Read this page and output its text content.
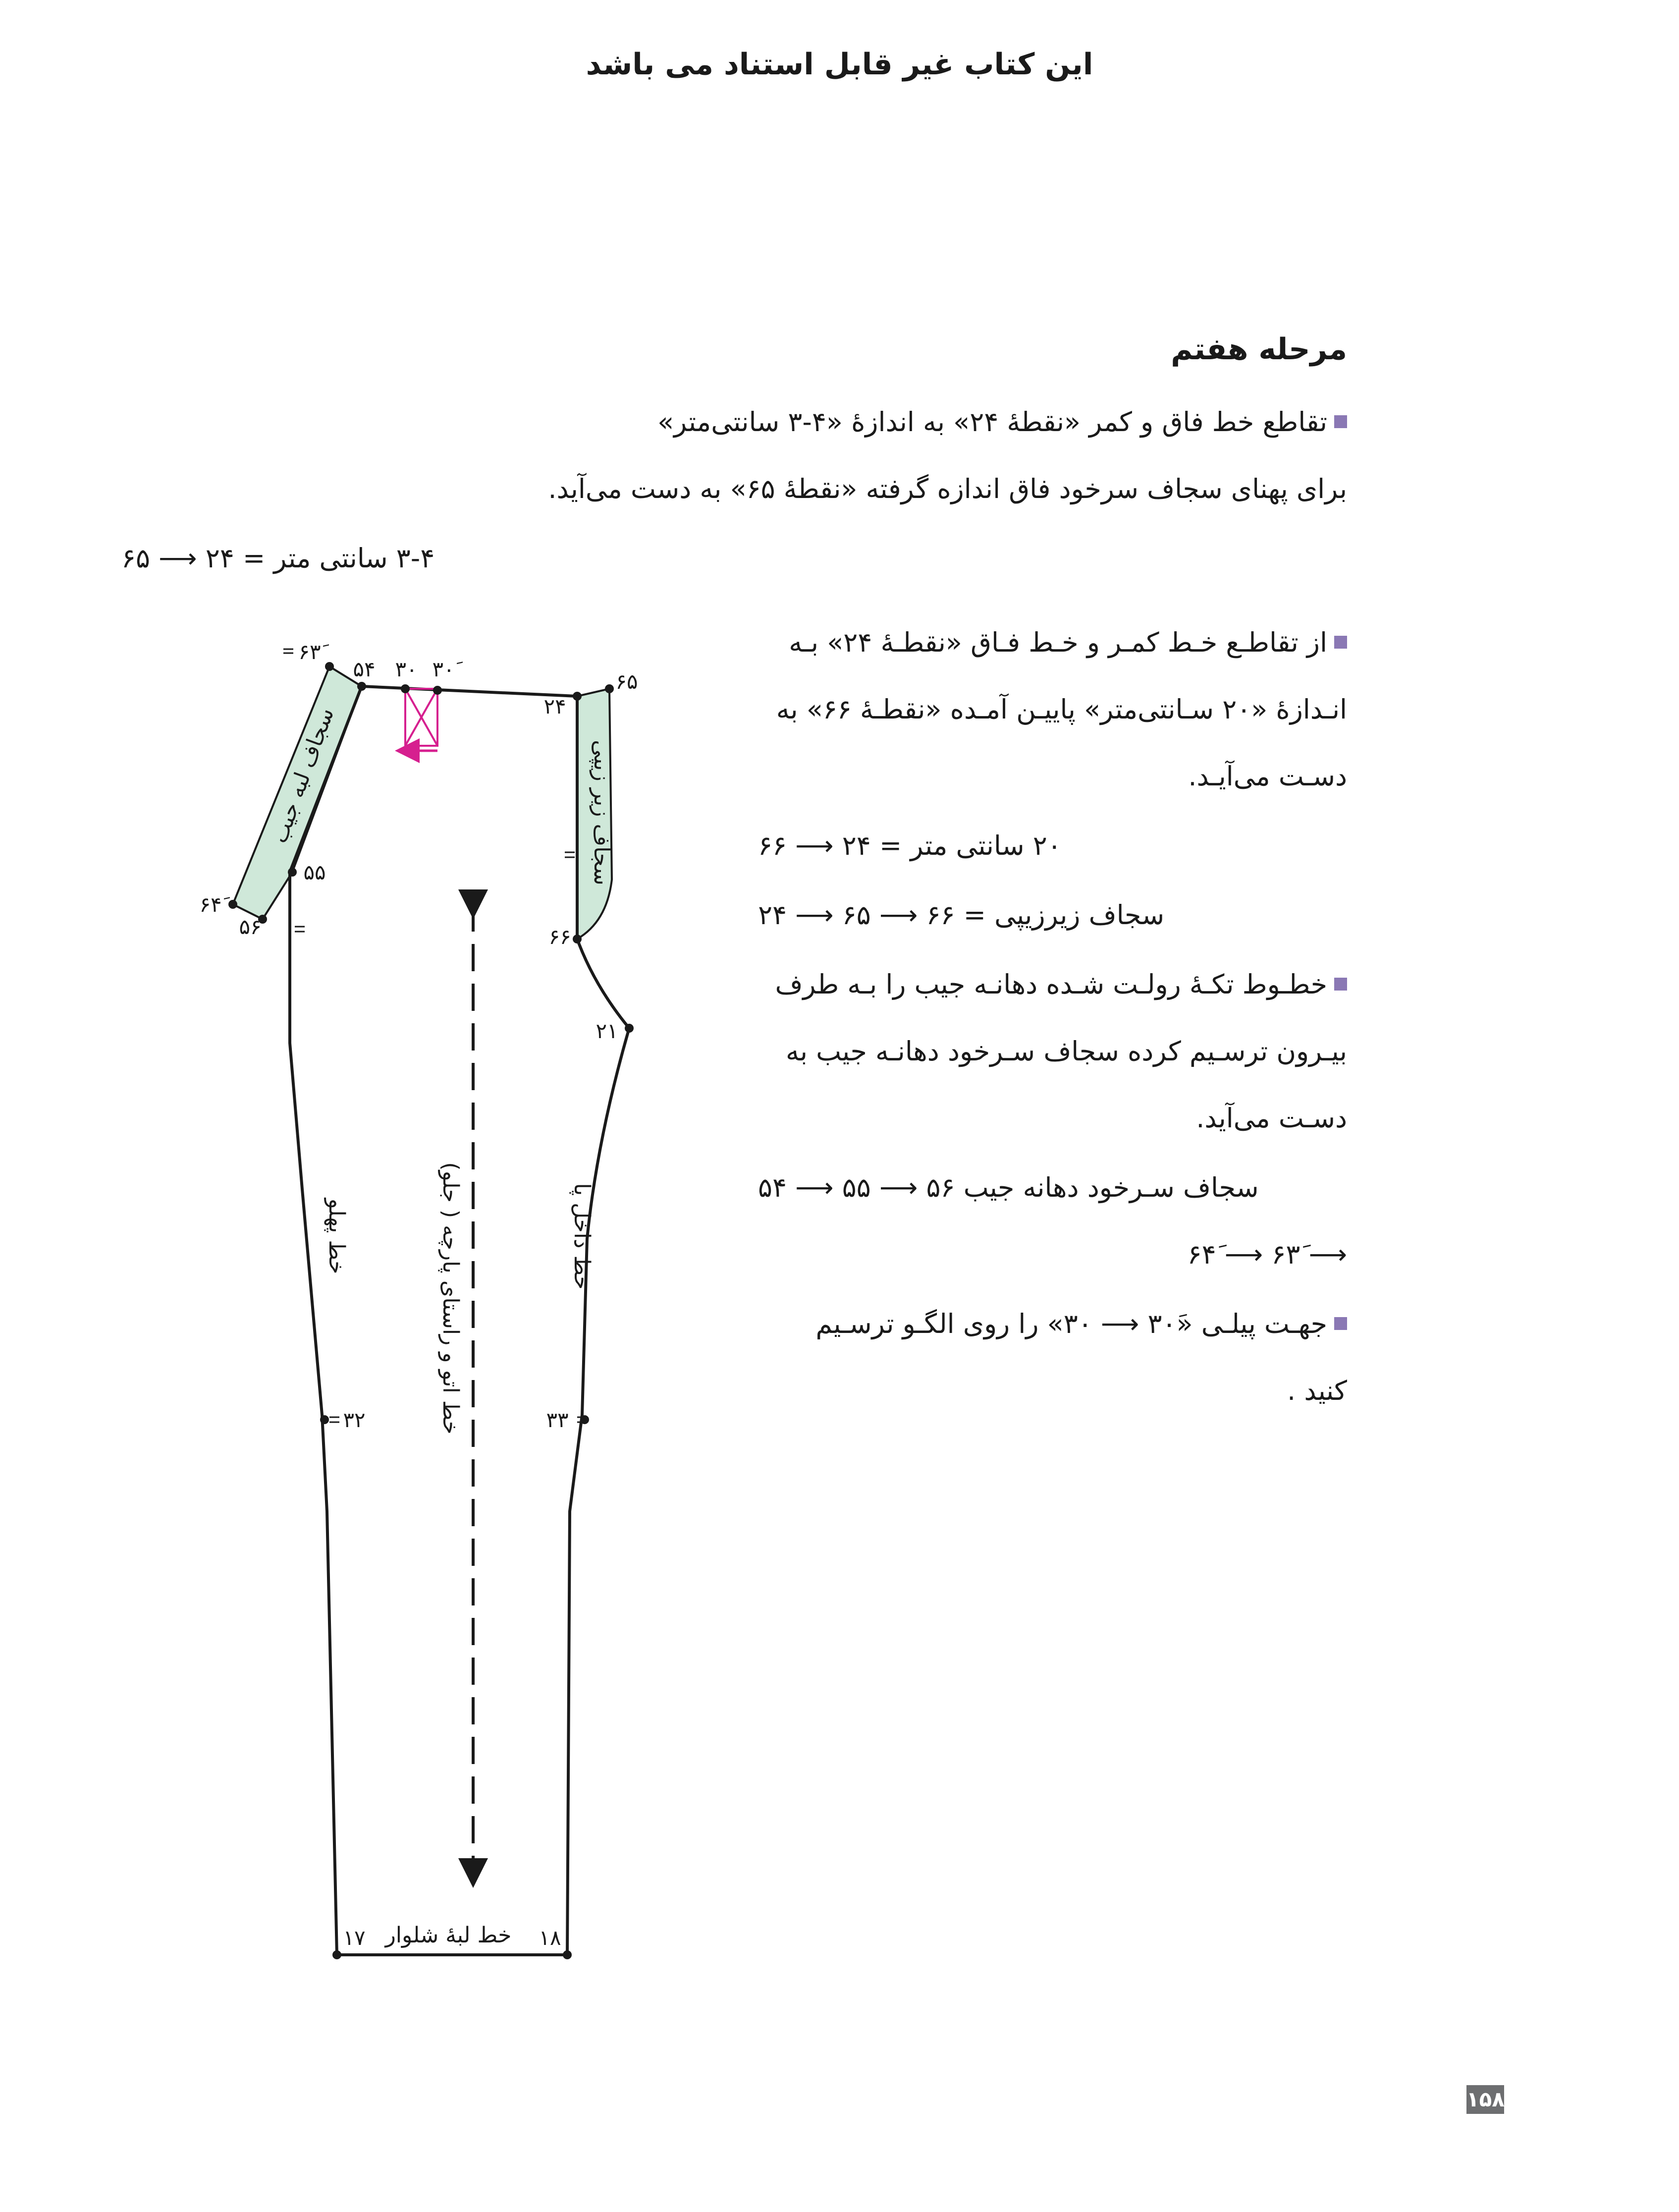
این کتاب غیر قابل استناد می باشد
مرحله هفتم
تقاطع خط فاق و کمر «نقطهٔ ۲۴» به اندازهٔ «۴-۳ سانتی‌متر»
برای پهنای سجاف سرخود فاق اندازه گرفته «نقطهٔ ۶۵» به دست می‌آید.
۳-۴ سانتی متر = ۲۴ ⟶ ۶۵
از تقاطـع خـط کمـر و خـط فـاق «نقطـهٔ ۲۴» بـه
انـدازهٔ «۲۰ سـانتی‌متر» پاییـن آمـده «نقطـهٔ ۶۶» به
دسـت می‌آیـد.
۲۰ سانتی متر = ۲۴ ⟶ ۶۶
سجاف زیرزیپی = ۶۶ ⟶ ۶۵ ⟶ ۲۴
خطـوط تکـهٔ رولـت شـده دهانـه جیب را بـه طرف
بیـرون ترسـیم کرده سجاف سـرخود دهانـه جیب به
دسـت می‌آید.
سجاف سـرخود دهانه جیب ۵۶ ⟶ ۵۵ ⟶ ۵۴
⟶ ۶۳َ ⟶ ۶۴َ
جهـت پیلـی «۳۰َ ⟶ ۳۰» را روی الگـو ترسـیم
کنید .
۶۳َ
۵۴ ۳۰ ۳۰َ
۲۴
۶۵
۵۵
۶۴َ
۵۶	۶۶
۲۱
۳۲	۳۳
۱۷	۱۸
سجاف لبه جیب	سجاف زیر زیپی
خط پهلو	خط اتو و راستای پارچه ( جلو)	خط داخل پا
خط لبهٔ شلوار
۱۵۸
